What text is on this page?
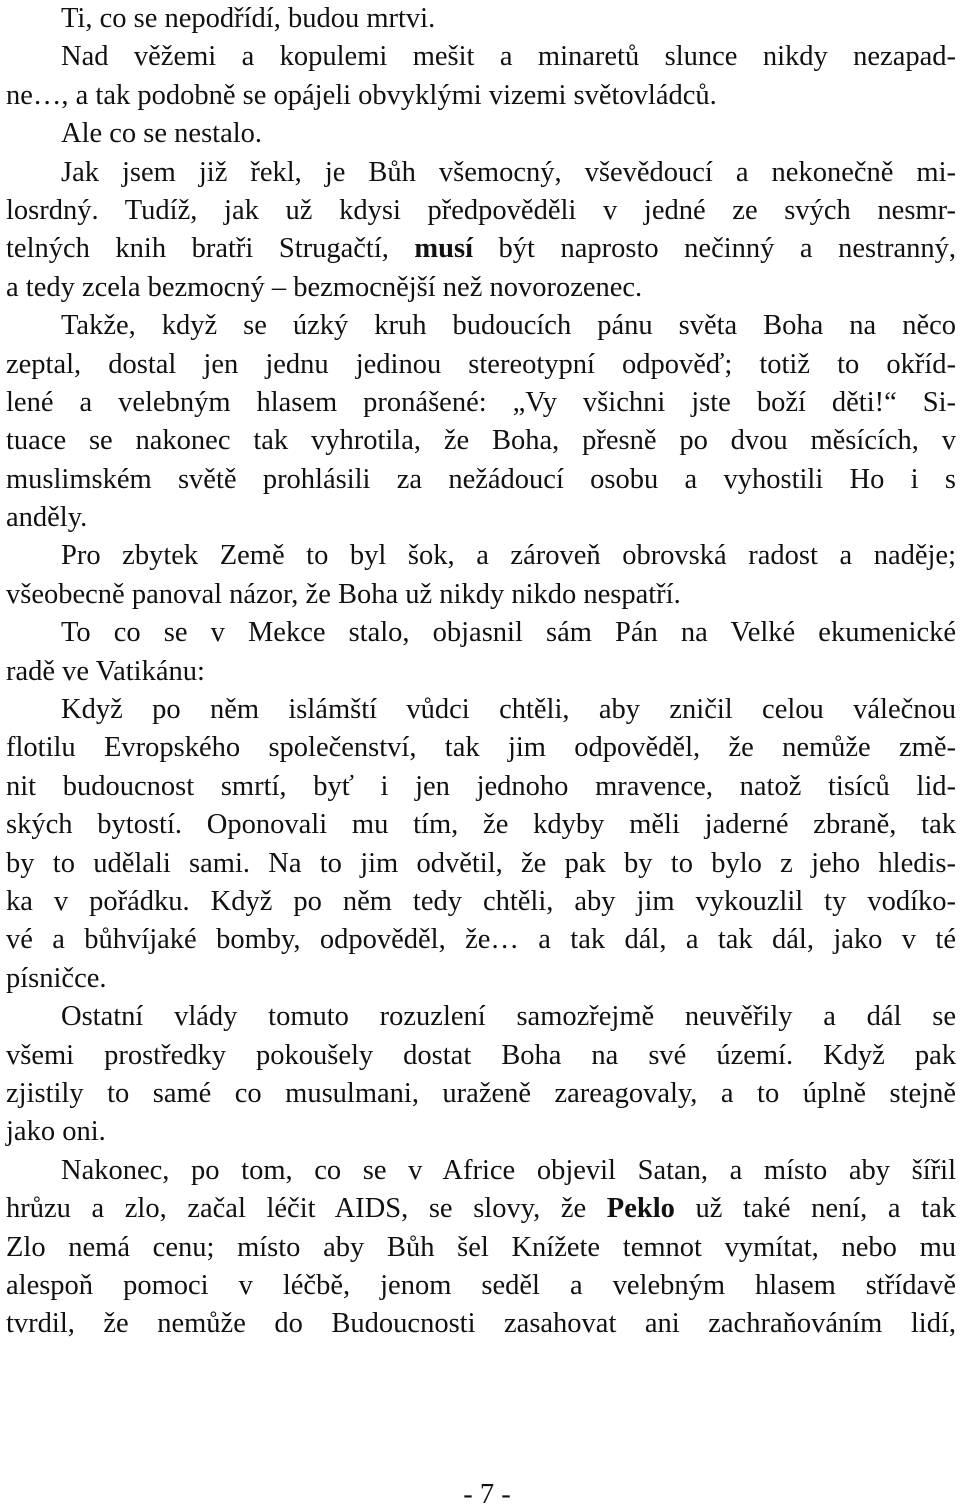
Ti, co se nepodřídí, budou mrtvi.
Nad věžemi a kopulemi mešit a minaretů slunce nikdy nezapad-
ne…, a tak podobně se opájeli obvyklými vizemi světovládců.
Ale co se nestalo.
Jak jsem již řekl, je Bůh všemocný, vševědoucí a nekonečně mi-
losrdný. Tudíž, jak už kdysi předpověděli v jedné ze svých nesmr-
telných knih bratři Strugačtí, musí být naprosto nečinný a nestranný,
a tedy zcela bezmocný – bezmocnější než novorozenec.
Takže, když se úzký kruh budoucích pánu světa Boha na něco
zeptal, dostal jen jednu jedinou stereotypní odpověď; totiž to okříd-
lené a velebným hlasem pronášené: „Vy všichni jste boží děti!“ Si-
tuace se nakonec tak vyhrotila, že Boha, přesně po dvou měsících, v
muslimském světě prohlásili za nežádoucí osobu a vyhostili Ho i s
anděly.
Pro zbytek Země to byl šok, a zároveň obrovská radost a naděje;
všeobecně panoval názor, že Boha už nikdy nikdo nespatří.
To co se v Mekce stalo, objasnil sám Pán na Velké ekumenické
radě ve Vatikánu:
Když po něm islámští vůdci chtěli, aby zničil celou válečnou
flotilu Evropského společenství, tak jim odpověděl, že nemůže změ-
nit budoucnost smrtí, byť i jen jednoho mravence, natož tisíců lid-
ských bytostí. Oponovali mu tím, že kdyby měli jaderné zbraně, tak
by to udělali sami. Na to jim odvětil, že pak by to bylo z jeho hledis-
ka v pořádku. Když po něm tedy chtěli, aby jim vykouzlil ty vodíko-
vé a bůhvíjaké bomby, odpověděl, že… a tak dál, a tak dál, jako v té
písničce.
Ostatní vlády tomuto rozuzlení samozřejmě neuvěřily a dál se
všemi prostředky pokoušely dostat Boha na své území. Když pak
zjistily to samé co musulmani, uraženě zareagovaly, a to úplně stejně
jako oni.
Nakonec, po tom, co se v Africe objevil Satan, a místo aby šířil
hrůzu a zlo, začal léčit AIDS, se slovy, že Peklo už také není, a tak
Zlo nemá cenu; místo aby Bůh šel Knížete temnot vymítat, nebo mu
alespoň pomoci v léčbě, jenom seděl a velebným hlasem střídavě
tvrdil, že nemůže do Budoucnosti zasahovat ani zachraňováním lidí,
- 7 -
